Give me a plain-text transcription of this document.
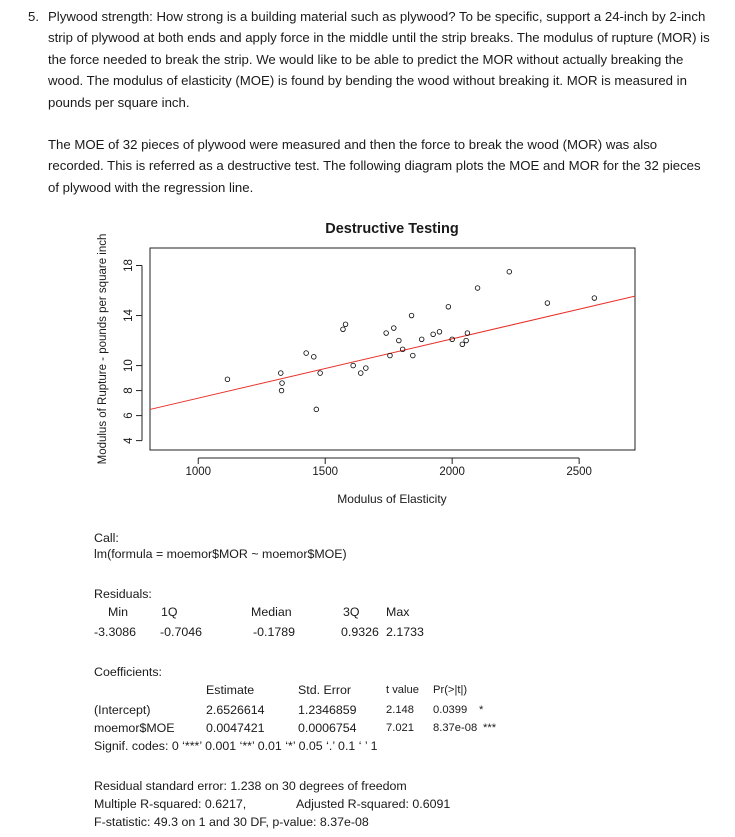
5. Plywood strength: How strong is a building material such as plywood? To be specific, support a 24-inch by 2-inch strip of plywood at both ends and apply force in the middle until the strip breaks. The modulus of rupture (MOR) is the force needed to break the strip. We would like to be able to predict the MOR without actually breaking the wood. The modulus of elasticity (MOE) is found by bending the wood without breaking it. MOR is measured in pounds per square inch.
The MOE of 32 pieces of plywood were measured and then the force to break the wood (MOR) was also recorded. This is referred as a destructive test. The following diagram plots the MOE and MOR for the 32 pieces of plywood with the regression line.
Destructive Testing
1000	1500	2000	2500
4
6
8
10
14
18
Modulus of Elasticity
Modulus of Rupture - pounds per square inch
Call:
lm(formula = moemor$MOR ~ moemor$MOE)
Residuals:
Min	1Q	Median	3Q Max
-3.3086 -0.7046	-0.1789	0.9326 2.1733
Coefficients:
Estimate	Std. Error	t value Pr(>|t|)
(Intercept)	2.6526614	1.2346859	2.148 0.0399 *
moemor$MOE	0.0047421	0.0006754	7.021 8.37e-08 ***
Signif. codes: 0 ‘***’ 0.001 ‘**’ 0.01 ‘*’ 0.05 ‘.’ 0.1 ‘ ’ 1
Residual standard error: 1.238 on 30 degrees of freedom
Multiple R-squared: 0.6217,	Adjusted R-squared: 0.6091
F-statistic: 49.3 on 1 and 30 DF, p-value: 8.37e-08
